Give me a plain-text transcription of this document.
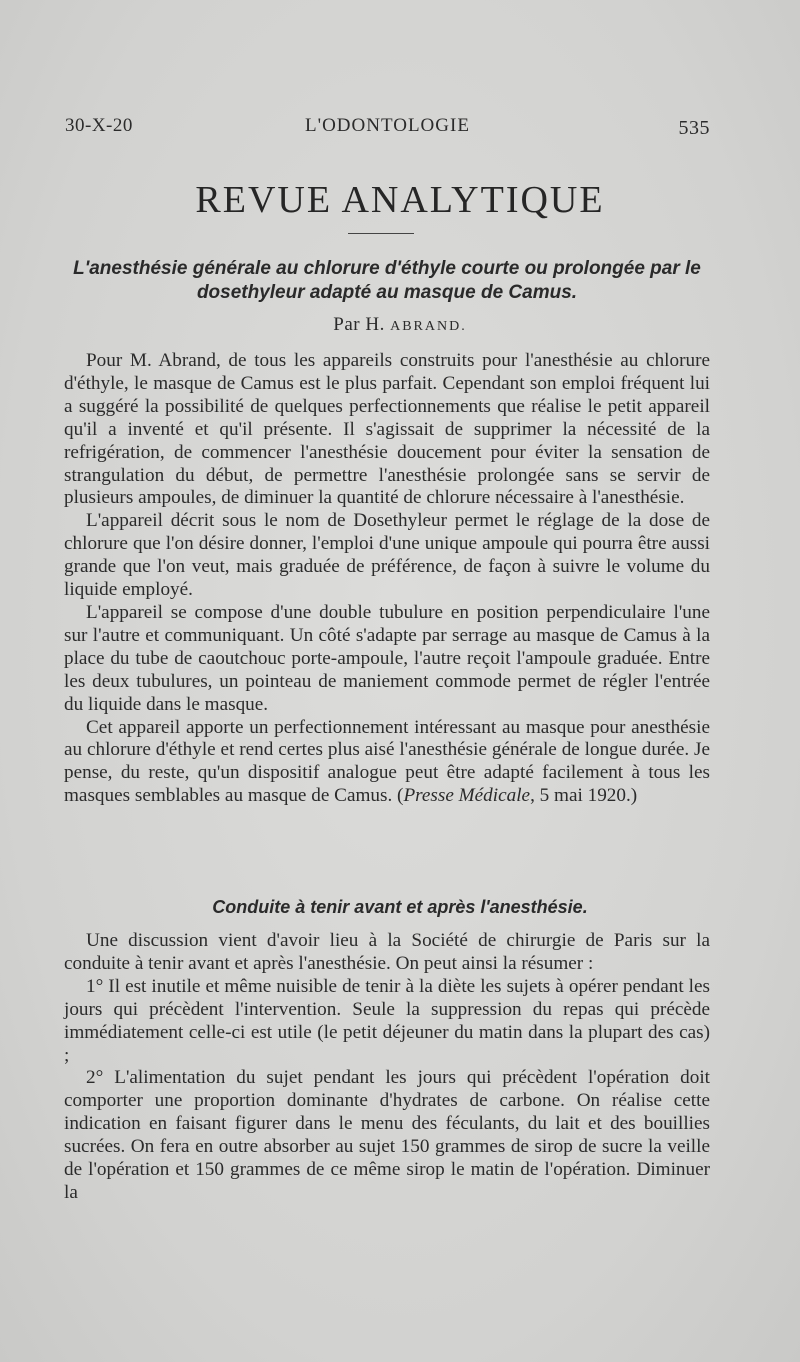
30-X-20	L'ODONTOLOGIE	535
REVUE ANALYTIQUE
L'anesthésie générale au chlorure d'éthyle courte ou prolongée par le dosethyleur adapté au masque de Camus.
Par H. ABRAND.

Pour M. Abrand, de tous les appareils construits pour l'anesthésie au chlorure d'éthyle, le masque de Camus est le plus parfait. Cependant son emploi fréquent lui a suggéré la possibilité de quelques perfectionnements que réalise le petit appareil qu'il a inventé et qu'il présente. Il s'agissait de supprimer la nécessité de la refrigération, de commencer l'anesthésie doucement pour éviter la sensation de strangulation du début, de permettre l'anesthésie prolongée sans se servir de plusieurs ampoules, de diminuer la quantité de chlorure nécessaire à l'anesthésie.

L'appareil décrit sous le nom de Dosethyleur permet le réglage de la dose de chlorure que l'on désire donner, l'emploi d'une unique ampoule qui pourra être aussi grande que l'on veut, mais graduée de préférence, de façon à suivre le volume du liquide employé.

L'appareil se compose d'une double tubulure en position perpendiculaire l'une sur l'autre et communiquant. Un côté s'adapte par serrage au masque de Camus à la place du tube de caoutchouc porte-ampoule, l'autre reçoit l'ampoule graduée. Entre les deux tubulures, un pointeau de maniement commode permet de régler l'entrée du liquide dans le masque.

Cet appareil apporte un perfectionnement intéressant au masque pour anesthésie au chlorure d'éthyle et rend certes plus aisé l'anesthésie générale de longue durée. Je pense, du reste, qu'un dispositif analogue peut être adapté facilement à tous les masques semblables au masque de Camus. (Presse Médicale, 5 mai 1920.)

Conduite à tenir avant et après l'anesthésie.

Une discussion vient d'avoir lieu à la Société de chirurgie de Paris sur la conduite à tenir avant et après l'anesthésie. On peut ainsi la résumer :

1° Il est inutile et même nuisible de tenir à la diète les sujets à opérer pendant les jours qui précèdent l'intervention. Seule la suppression du repas qui précède immédiatement celle-ci est utile (le petit déjeuner du matin dans la plupart des cas) ;

2° L'alimentation du sujet pendant les jours qui précèdent l'opération doit comporter une proportion dominante d'hydrates de carbone. On réalise cette indication en faisant figurer dans le menu des féculants, du lait et des bouillies sucrées. On fera en outre absorber au sujet 150 grammes de sirop de sucre la veille de l'opération et 150 grammes de ce même sirop le matin de l'opération. Diminuer la
